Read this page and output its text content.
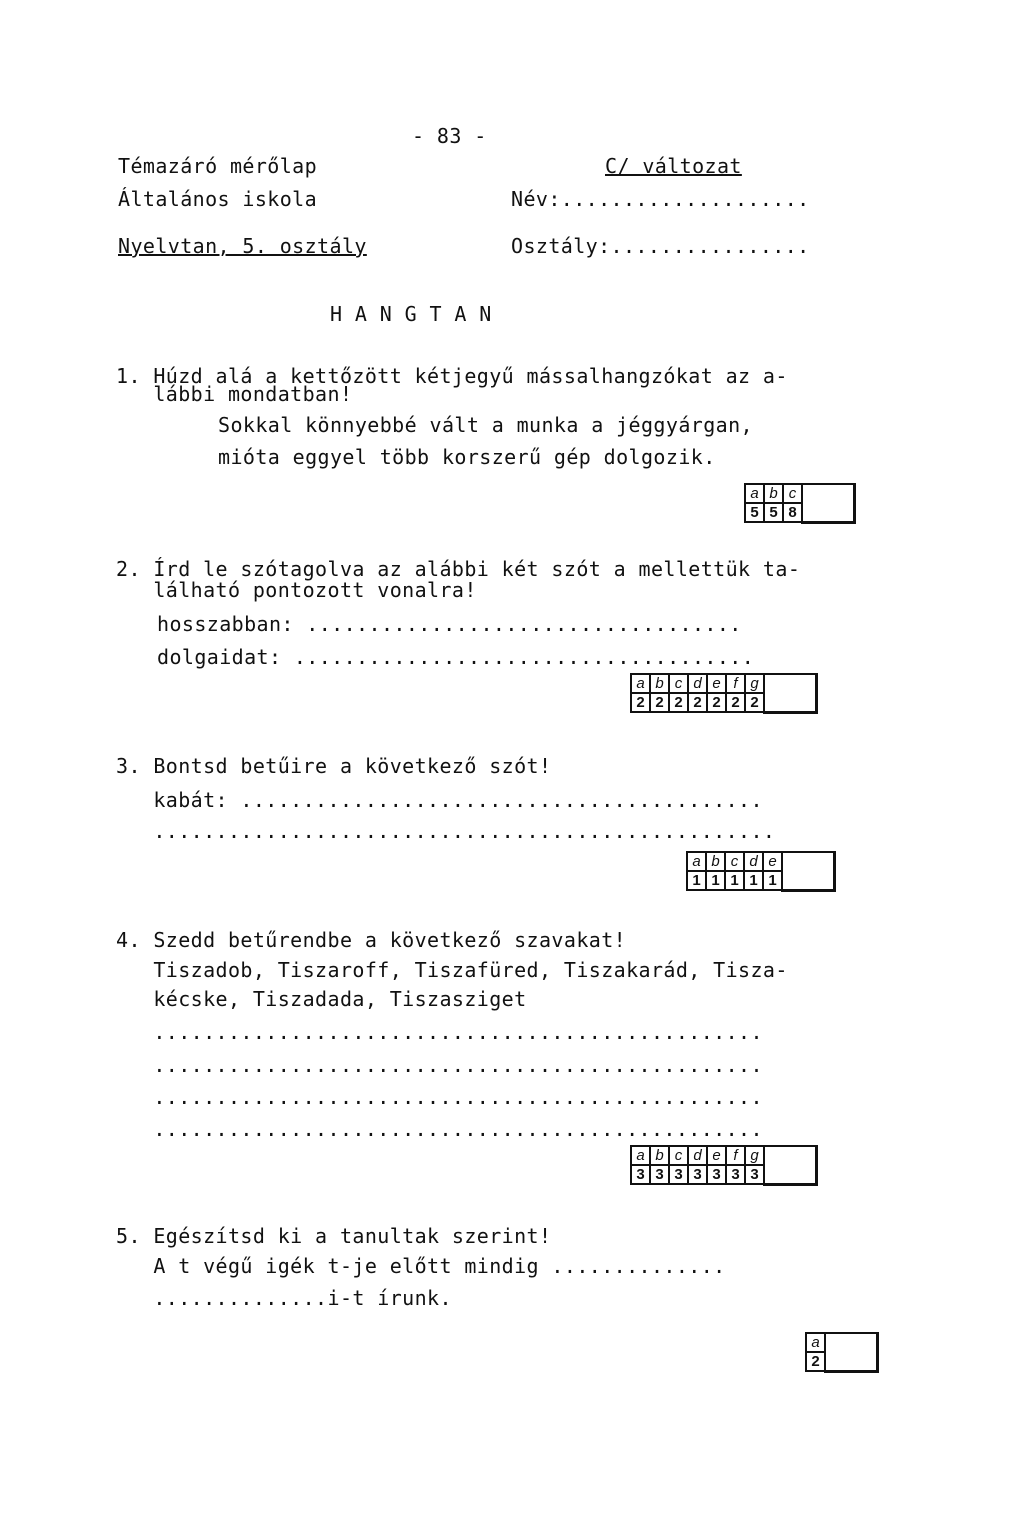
- 83 -
Témazáró mérőlap
Általános iskola
Nyelvtan, 5. osztály
C/ változat
Név:....................
Osztály:................
H A N G T A N
1. Húzd alá a kettőzött kétjegyű mássalhangzókat az a-
lábbi mondatban!
Sokkal könnyebbé vált a munka a jéggyárgan,
mióta eggyel több korszerű gép dolgozik.
a	b	c	
5	5	8	
2. Írd le szótagolva az alábbi két szót a mellettük ta-
lálható pontozott vonalra!
hosszabban: ...................................
dolgaidat: .....................................
a	b	c	d	e	f	g	
2	2	2	2	2	2	2	
3. Bontsd betűire a következő szót!
kabát: ..........................................
..................................................
a	b	c	d	e	
1	1	1	1	1	
4. Szedd betűrendbe a következő szavakat!
Tiszadob, Tiszaroff, Tiszafüred, Tiszakarád, Tisza-
kécske, Tiszadada, Tiszasziget
.................................................
.................................................
.................................................
.................................................
a	b	c	d	e	f	g	
3	3	3	3	3	3	3	
5. Egészítsd ki a tanultak szerint!
A t végű igék t-je előtt mindig ..............
..............i-t írunk.
a	
2
